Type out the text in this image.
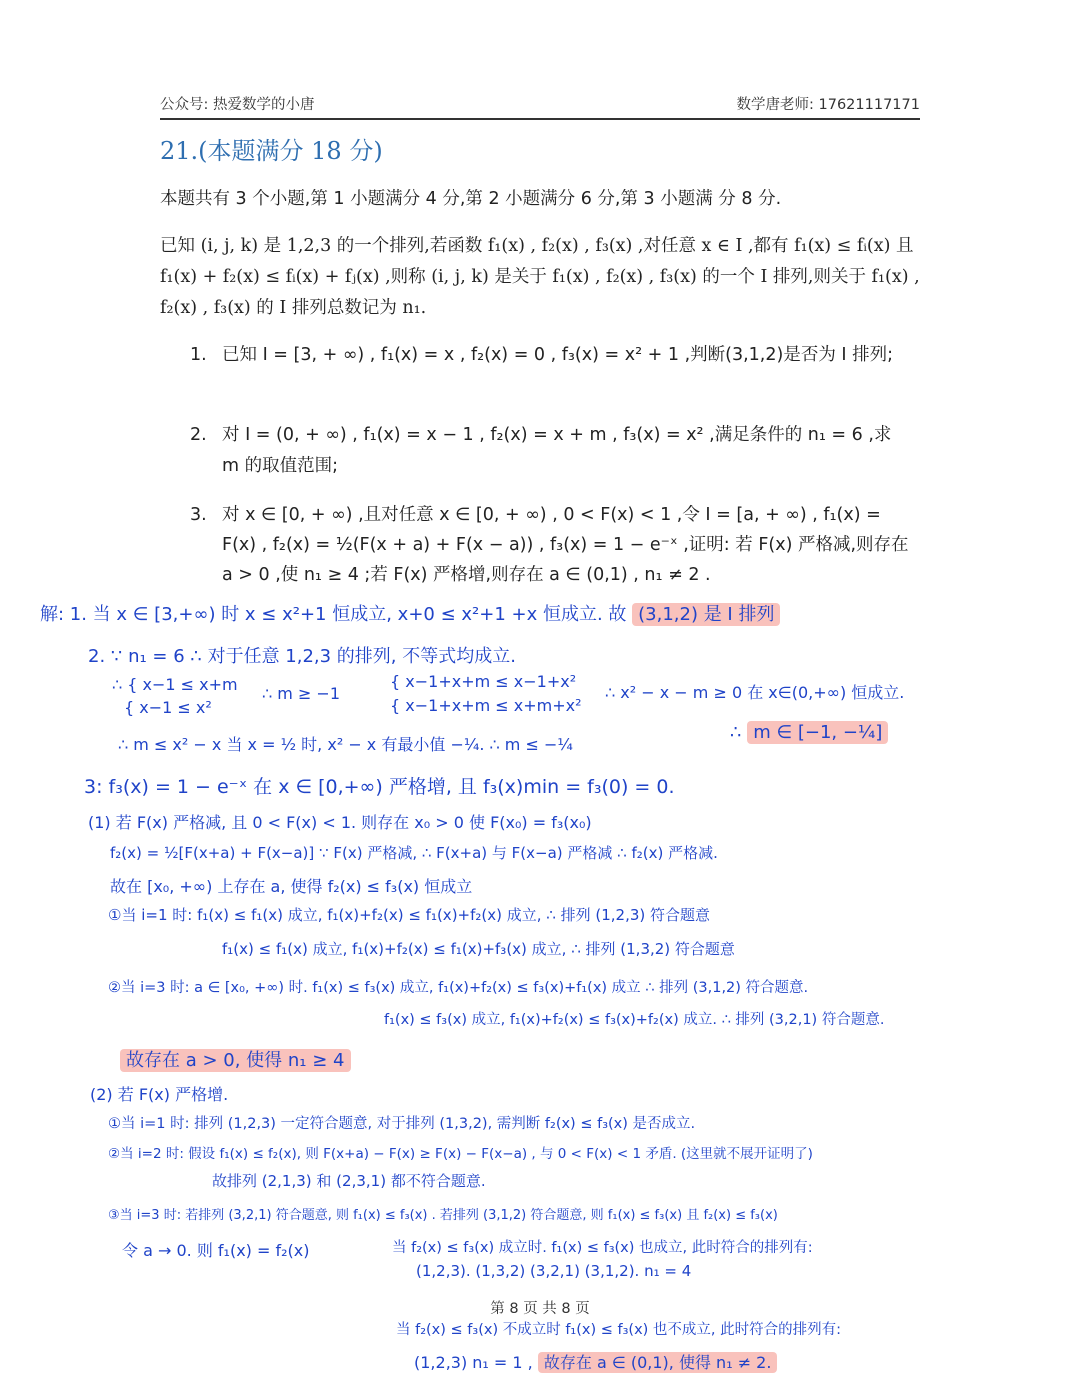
公众号: 热爱数学的小唐	数学唐老师: 17621117171
21.(本题满分 18 分)
本题共有 3 个小题,第 1 小题满分 4 分,第 2 小题满分 6 分,第 3 小题满 分 8 分.
已知 (i, j, k) 是 1,2,3 的一个排列,若函数 f₁(x) , f₂(x) , f₃(x) ,对任意 x ∈ I ,都有 f₁(x) ≤ fᵢ(x) 且 f₁(x) + f₂(x) ≤ fᵢ(x) + fⱼ(x) ,则称 (i, j, k) 是关于 f₁(x) , f₂(x) , f₃(x) 的一个 I 排列,则关于 f₁(x) , f₂(x) , f₃(x) 的 I 排列总数记为 n₁.
1. 已知 I = [3, + ∞) , f₁(x) = x , f₂(x) = 0 , f₃(x) = x² + 1 ,判断(3,1,2)是否为 I 排列;
2. 对 I = (0, + ∞) , f₁(x) = x − 1 , f₂(x) = x + m , f₃(x) = x² ,满足条件的 n₁ = 6 ,求 m 的取值范围;
3. 对 x ∈ [0, + ∞) ,且对任意 x ∈ [0, + ∞) , 0 < F(x) < 1 ,令 I = [a, + ∞) , f₁(x) = F(x) , f₂(x) = ½(F(x + a) + F(x − a)) , f₃(x) = 1 − e⁻ˣ ,证明: 若 F(x) 严格减,则存在 a > 0 ,使 n₁ ≥ 4 ;若 F(x) 严格增,则存在 a ∈ (0,1) , n₁ ≠ 2 .
解: 1. 当 x ∈ [3,+∞) 时 x ≤ x²+1 恒成立, x+0 ≤ x²+1 +x 恒成立. 故 (3,1,2) 是 I 排列
2. ∵ n₁ = 6 ∴ 对于任意 1,2,3 的排列, 不等式均成立.
∴ { x−1 ≤ x+m ∴ m ≥ −1
{ x−1+x+m ≤ x−1+x²
∴ x² − x − m ≥ 0 在 x∈(0,+∞) 恒成立.
{ x−1 ≤ x²	{ x−1+x+m ≤ x+m+x²
∴ m ≤ x² − x 当 x = ½ 时, x² − x 有最小值 −¼. ∴ m ≤ −¼
∴ m ∈ [−1, −¼]
3: f₃(x) = 1 − e⁻ˣ 在 x ∈ [0,+∞) 严格增, 且 f₃(x)min = f₃(0) = 0.
(1) 若 F(x) 严格减, 且 0 < F(x) < 1. 则存在 x₀ > 0 使 F(x₀) = f₃(x₀)
f₂(x) = ½[F(x+a) + F(x−a)] ∵ F(x) 严格减, ∴ F(x+a) 与 F(x−a) 严格减 ∴ f₂(x) 严格减.
故在 [x₀, +∞) 上存在 a, 使得 f₂(x) ≤ f₃(x) 恒成立
①当 i=1 时: f₁(x) ≤ f₁(x) 成立, f₁(x)+f₂(x) ≤ f₁(x)+f₂(x) 成立, ∴ 排列 (1,2,3) 符合题意
f₁(x) ≤ f₁(x) 成立, f₁(x)+f₂(x) ≤ f₁(x)+f₃(x) 成立, ∴ 排列 (1,3,2) 符合题意
②当 i=3 时: a ∈ [x₀, +∞) 时. f₁(x) ≤ f₃(x) 成立, f₁(x)+f₂(x) ≤ f₃(x)+f₁(x) 成立 ∴ 排列 (3,1,2) 符合题意.
f₁(x) ≤ f₃(x) 成立, f₁(x)+f₂(x) ≤ f₃(x)+f₂(x) 成立. ∴ 排列 (3,2,1) 符合题意.
故存在 a > 0, 使得 n₁ ≥ 4
(2) 若 F(x) 严格增.
①当 i=1 时: 排列 (1,2,3) 一定符合题意, 对于排列 (1,3,2), 需判断 f₂(x) ≤ f₃(x) 是否成立.
②当 i=2 时: 假设 f₁(x) ≤ f₂(x), 则 F(x+a) − F(x) ≥ F(x) − F(x−a) , 与 0 < F(x) < 1 矛盾. (这里就不展开证明了)
故排列 (2,1,3) 和 (2,3,1) 都不符合题意.
③当 i=3 时: 若排列 (3,2,1) 符合题意, 则 f₁(x) ≤ f₃(x) . 若排列 (3,1,2) 符合题意, 则 f₁(x) ≤ f₃(x) 且 f₂(x) ≤ f₃(x)
令 a → 0. 则 f₁(x) = f₂(x)	当 f₂(x) ≤ f₃(x) 成立时. f₁(x) ≤ f₃(x) 也成立, 此时符合的排列有:
(1,2,3). (1,3,2) (3,2,1) (3,1,2). n₁ = 4
当 f₂(x) ≤ f₃(x) 不成立时 f₁(x) ≤ f₃(x) 也不成立, 此时符合的排列有:
(1,2,3) n₁ = 1 , 故存在 a ∈ (0,1), 使得 n₁ ≠ 2.
第 8 页 共 8 页
